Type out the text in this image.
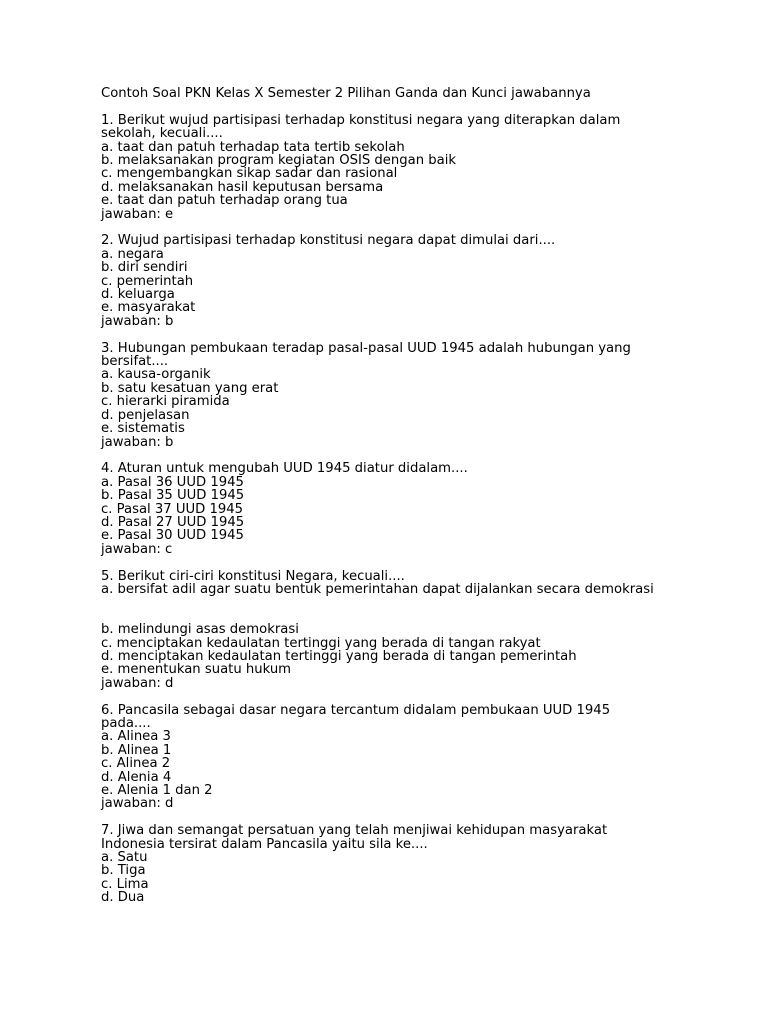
Contoh Soal PKN Kelas X Semester 2 Pilihan Ganda dan Kunci jawabannya
1. Berikut wujud partisipasi terhadap konstitusi negara yang diterapkan dalam
sekolah, kecuali....
a. taat dan patuh terhadap tata tertib sekolah
b. melaksanakan program kegiatan OSIS dengan baik
c. mengembangkan sikap sadar dan rasional
d. melaksanakan hasil keputusan bersama
e. taat dan patuh terhadap orang tua
jawaban: e
2. Wujud partisipasi terhadap konstitusi negara dapat dimulai dari....
a. negara
b. diri sendiri
c. pemerintah
d. keluarga
e. masyarakat
jawaban: b
3. Hubungan pembukaan teradap pasal-pasal UUD 1945 adalah hubungan yang
bersifat....
a. kausa-organik
b. satu kesatuan yang erat
c. hierarki piramida
d. penjelasan
e. sistematis
jawaban: b
4. Aturan untuk mengubah UUD 1945 diatur didalam....
a. Pasal 36 UUD 1945
b. Pasal 35 UUD 1945
c. Pasal 37 UUD 1945
d. Pasal 27 UUD 1945
e. Pasal 30 UUD 1945
jawaban: c
5. Berikut ciri-ciri konstitusi Negara, kecuali....
a. bersifat adil agar suatu bentuk pemerintahan dapat dijalankan secara demokrasi
b. melindungi asas demokrasi
c. menciptakan kedaulatan tertinggi yang berada di tangan rakyat
d. menciptakan kedaulatan tertinggi yang berada di tangan pemerintah
e. menentukan suatu hukum
jawaban: d
6. Pancasila sebagai dasar negara tercantum didalam pembukaan UUD 1945
pada....
a. Alinea 3
b. Alinea 1
c. Alinea 2
d. Alenia 4
e. Alenia 1 dan 2
jawaban: d
7. Jiwa dan semangat persatuan yang telah menjiwai kehidupan masyarakat
Indonesia tersirat dalam Pancasila yaitu sila ke....
a. Satu
b. Tiga
c. Lima
d. Dua
